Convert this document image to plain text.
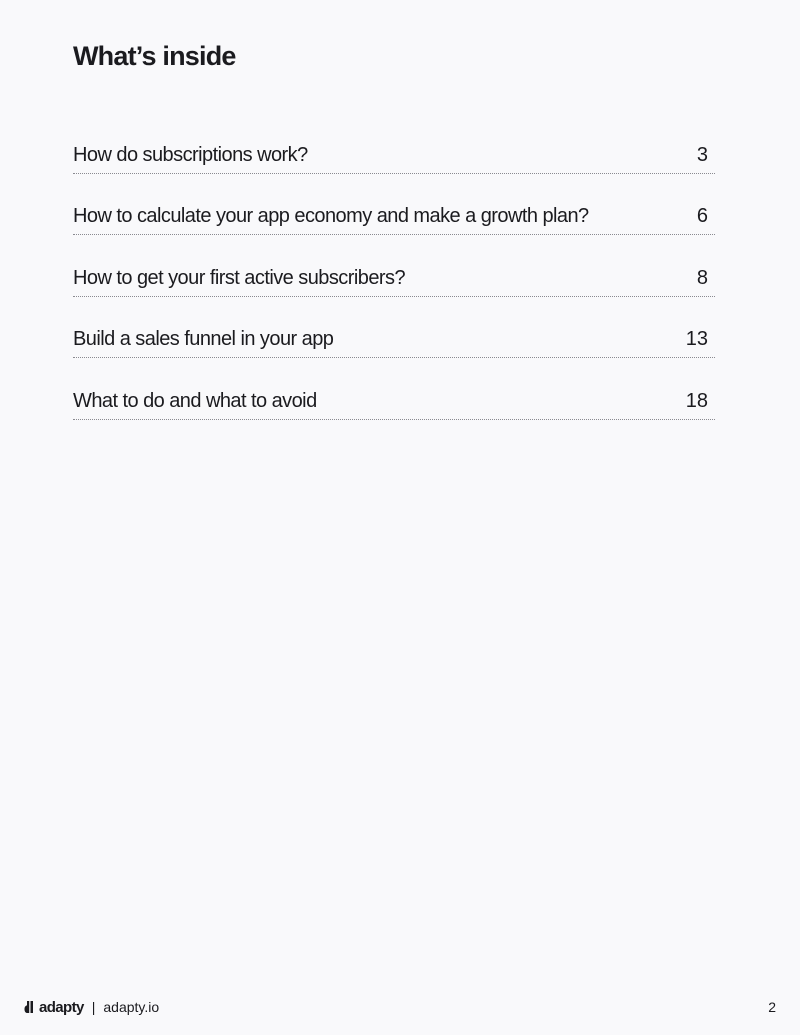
What’s inside
How do subscriptions work?	3
How to calculate your app economy and make a growth plan?	6
How to get your first active subscribers?	8
Build a sales funnel in your app	13
What to do and what to avoid	18
adapty | adapty.io	2
